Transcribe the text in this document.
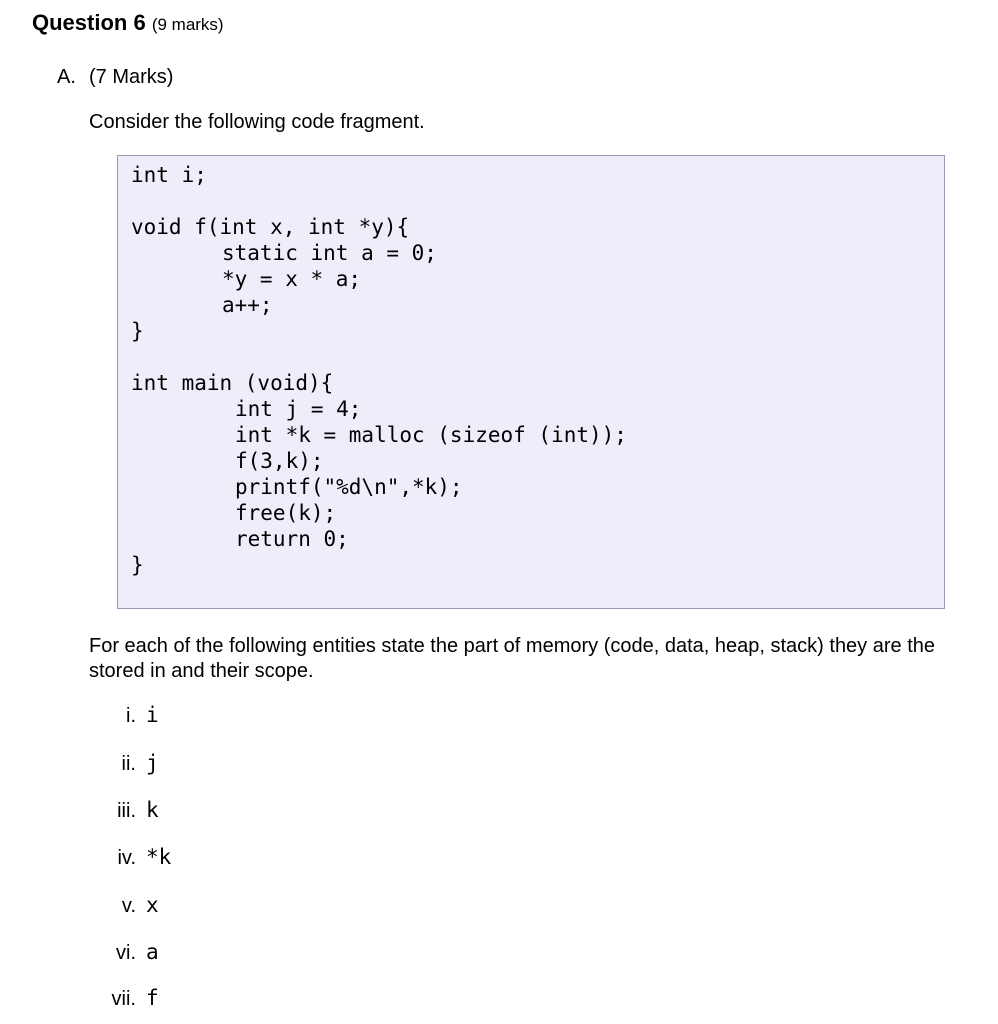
Question 6 (9 marks)
A. (7 Marks)
Consider the following code fragment.
int i;
void f(int x, int *y){
static int a = 0;
*y = x * a;
a++;
}
int main (void){
int j = 4;
int *k = malloc (sizeof (int));
f(3,k);
printf("%d\n",*k);
free(k);
return 0;
}
For each of the following entities state the part of memory (code, data, heap, stack) they are the stored in and their scope.
i. i
ii. j
iii. k
iv. *k
v. x
vi. a
vii. f
